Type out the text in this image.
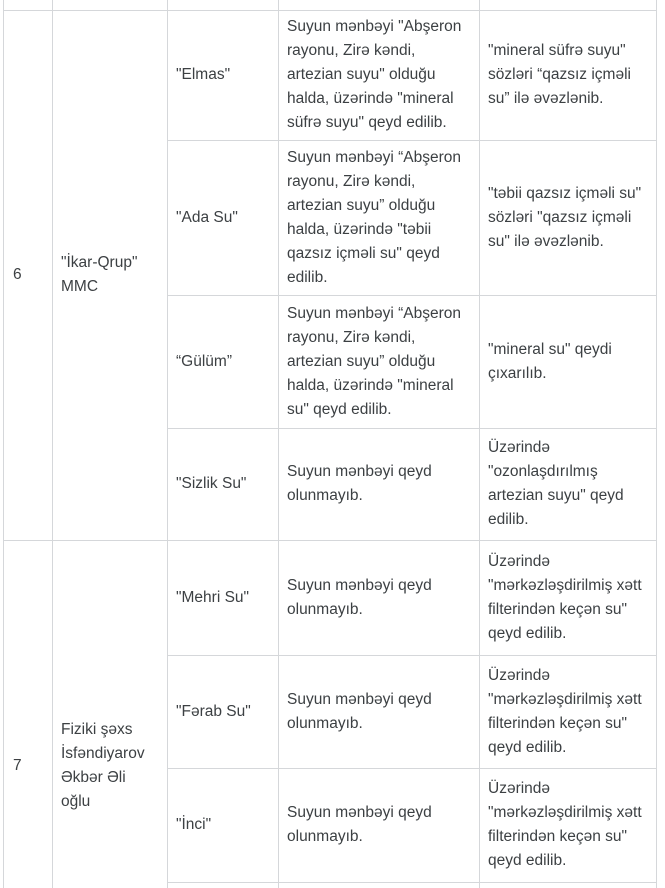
6	"İkar-Qrup" MMC	"Elmas"	Suyun mənbəyi "Abşeron rayonu, Zirə kəndi, artezian suyu" olduğu halda, üzərində "mineral süfrə suyu" qeyd edilib.	"mineral süfrə suyu" sözləri “qazsız içməli su” ilə əvəzlənib.
		"Ada Su"	Suyun mənbəyi “Abşeron rayonu, Zirə kəndi, artezian suyu” olduğu halda, üzərində "təbii qazsız içməli su" qeyd edilib.	"təbii qazsız içməli su" sözləri "qazsız içməli su" ilə əvəzlənib.
		“Gülüm”	Suyun mənbəyi “Abşeron rayonu, Zirə kəndi, artezian suyu” olduğu halda, üzərində "mineral su" qeyd edilib.	"mineral su" qeydi çıxarılıb.
		"Sizlik Su"	Suyun mənbəyi qeyd olunmayıb.	Üzərində "ozonlaşdırılmış artezian suyu" qeyd edilib.
7	Fiziki şəxs İsfəndiyarov Əkbər Əli oğlu	"Mehri Su"	Suyun mənbəyi qeyd olunmayıb.	Üzərində "mərkəzləşdirilmiş xətt filterindən keçən su" qeyd edilib.
		"Fərab Su"	Suyun mənbəyi qeyd olunmayıb.	Üzərində "mərkəzləşdirilmiş xətt filterindən keçən su" qeyd edilib.
		"İnci"	Suyun mənbəyi qeyd olunmayıb.	Üzərində "mərkəzləşdirilmiş xətt filterindən keçən su" qeyd edilib.
